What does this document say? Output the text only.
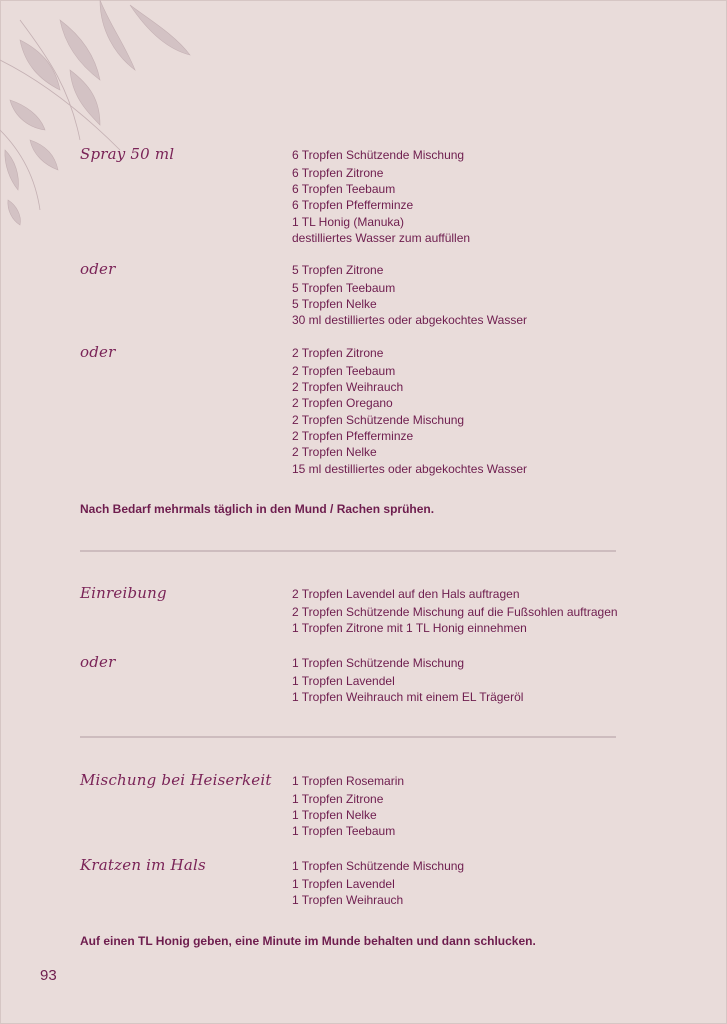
Spray 50 ml	6 Tropfen Schützende Mischung
6 Tropfen Zitrone
6 Tropfen Teebaum
6 Tropfen Pfefferminze
1 TL Honig (Manuka)
destilliertes Wasser zum auffüllen
oder	5 Tropfen Zitrone
5 Tropfen Teebaum
5 Tropfen Nelke
30 ml destilliertes oder abgekochtes Wasser
oder	2 Tropfen Zitrone
2 Tropfen Teebaum
2 Tropfen Weihrauch
2 Tropfen Oregano
2 Tropfen Schützende Mischung
2 Tropfen Pfefferminze
2 Tropfen Nelke
15 ml destilliertes oder abgekochtes Wasser
Nach Bedarf mehrmals täglich in den Mund / Rachen sprühen.
Einreibung	2 Tropfen Lavendel auf den Hals auftragen
2 Tropfen Schützende Mischung auf die Fußsohlen auftragen
1 Tropfen Zitrone mit 1 TL Honig einnehmen
oder	1 Tropfen Schützende Mischung
1 Tropfen Lavendel
1 Tropfen Weihrauch mit einem EL Trägeröl
Mischung bei Heiserkeit 1 Tropfen Rosemarin
1 Tropfen Zitrone
1 Tropfen Nelke
1 Tropfen Teebaum
Kratzen im Hals	1 Tropfen Schützende Mischung
1 Tropfen Lavendel
1 Tropfen Weihrauch
Auf einen TL Honig geben, eine Minute im Munde behalten und dann schlucken.
93
